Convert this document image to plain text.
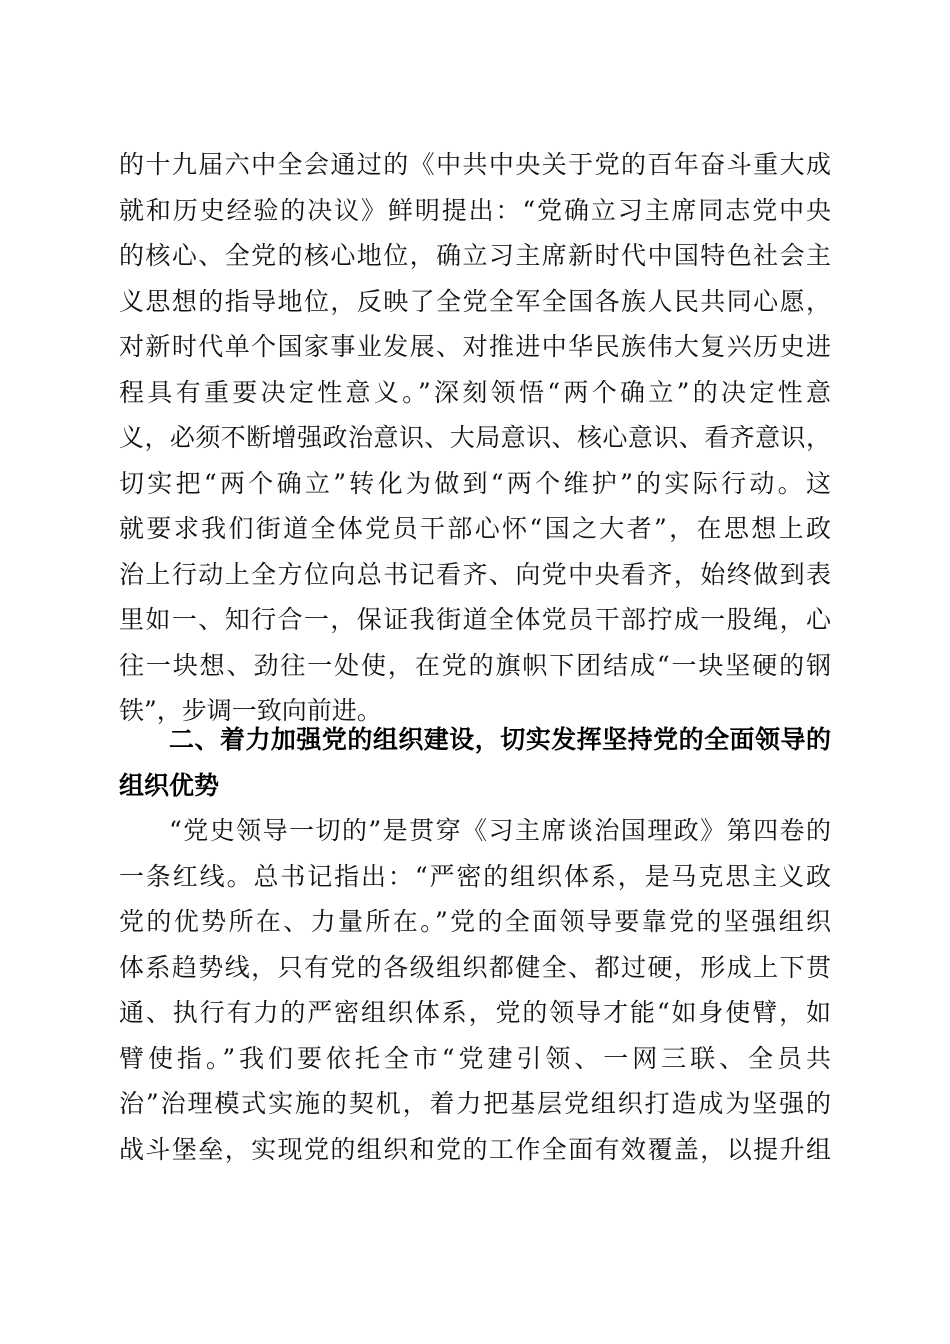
的十九届六中全会通过的《中共中央关于党的百年奋斗重大成
就和历史经验的决议》鲜明提出：“党确立习主席同志党中央
的核心、全党的核心地位，确立习主席新时代中国特色社会主
义思想的指导地位，反映了全党全军全国各族人民共同心愿，
对新时代单个国家事业发展、对推进中华民族伟大复兴历史进
程具有重要决定性意义。”深刻领悟“两个确立”的决定性意
义，必须不断增强政治意识、大局意识、核心意识、看齐意识，
切实把“两个确立”转化为做到“两个维护”的实际行动。这
就要求我们街道全体党员干部心怀“国之大者”，在思想上政
治上行动上全方位向总书记看齐、向党中央看齐，始终做到表
里如一、知行合一，保证我街道全体党员干部拧成一股绳，心
往一块想、劲往一处使，在党的旗帜下团结成“一块坚硬的钢
铁”，步调一致向前进。
二、着力加强党的组织建设，切实发挥坚持党的全面领导的
组织优势
“党史领导一切的”是贯穿《习主席谈治国理政》第四卷的
一条红线。总书记指出：“严密的组织体系，是马克思主义政
党的优势所在、力量所在。”党的全面领导要靠党的坚强组织
体系趋势线，只有党的各级组织都健全、都过硬，形成上下贯
通、执行有力的严密组织体系，党的领导才能“如身使臂，如
臂使指。”我们要依托全市“党建引领、一网三联、全员共
治”治理模式实施的契机，着力把基层党组织打造成为坚强的
战斗堡垒，实现党的组织和党的工作全面有效覆盖，以提升组
